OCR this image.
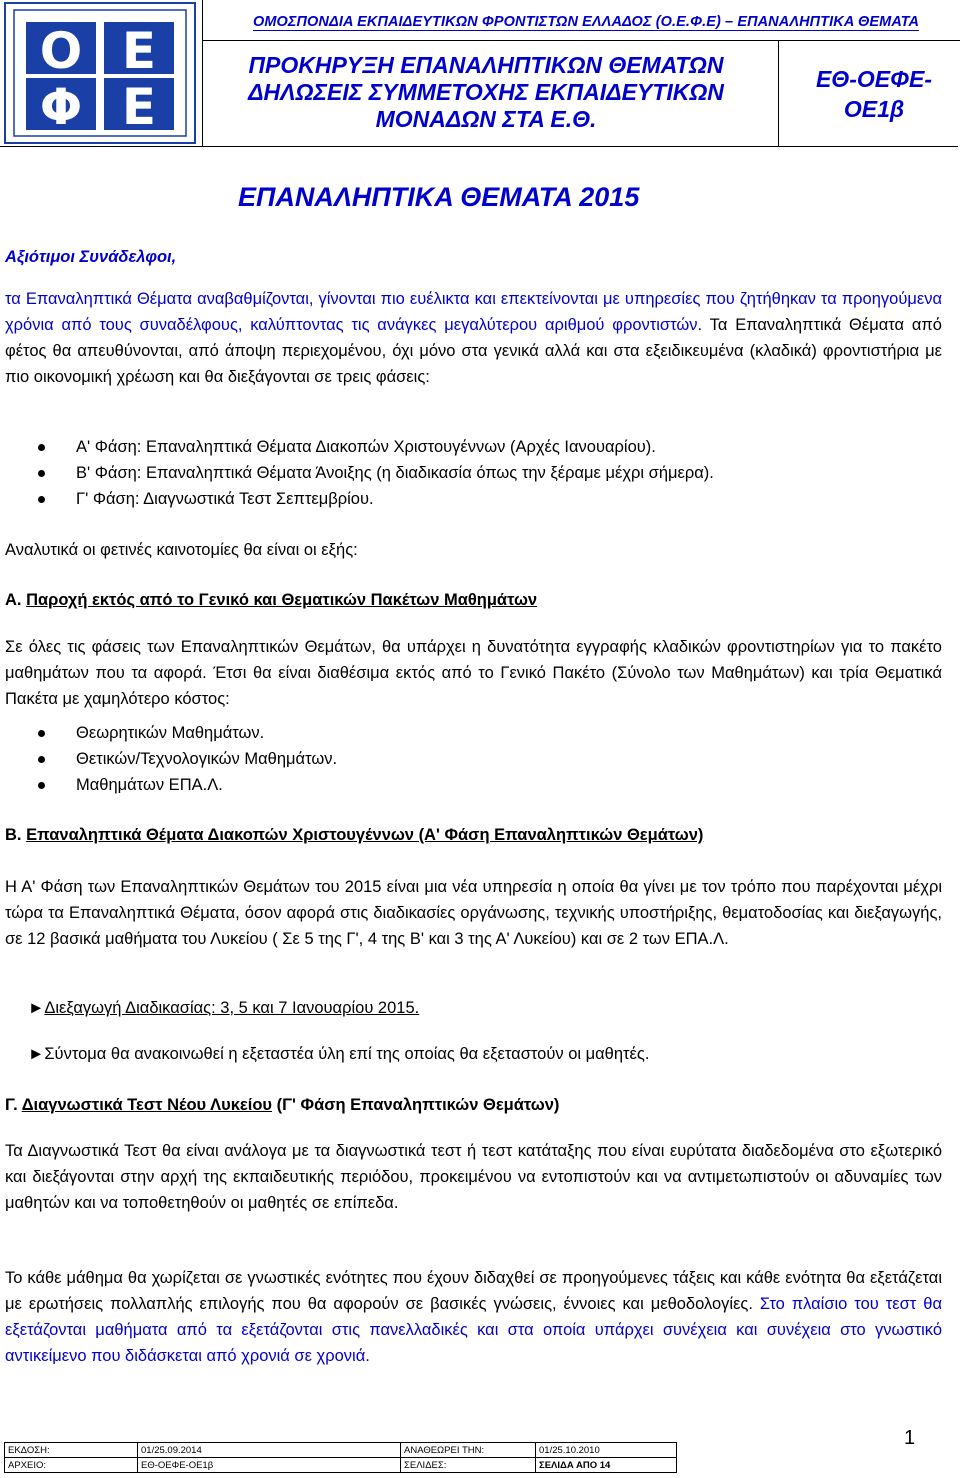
Ο Ε
Φ Ε
ΟΜΟΣΠΟΝΔΙΑ ΕΚΠΑΙΔΕΥΤΙΚΩΝ ΦΡΟΝΤΙΣΤΩΝ ΕΛΛΑΔΟΣ (Ο.Ε.Φ.Ε) – ΕΠΑΝΑΛΗΠΤΙΚΑ ΘΕΜΑΤΑ
ΠΡΟΚΗΡΥΞΗ ΕΠΑΝΑΛΗΠΤΙΚΩΝ ΘΕΜΑΤΩΝ
ΔΗΛΩΣΕΙΣ ΣΥΜΜΕΤΟΧΗΣ ΕΚΠΑΙΔΕΥΤΙΚΩΝ
ΜΟΝΑΔΩΝ ΣΤΑ Ε.Θ.
ΕΘ-ΟΕΦΕ-
ΟΕ1β
ΕΠΑΝΑΛΗΠΤΙΚΑ ΘΕΜΑΤΑ 2015
Αξιότιμοι Συνάδελφοι,
τα Επαναληπτικά Θέματα αναβαθμίζονται, γίνονται πιο ευέλικτα και επεκτείνονται με υπηρεσίες που ζητήθηκαν τα προηγούμενα χρόνια από τους συναδέλφους, καλύπτοντας τις ανάγκες μεγαλύτερου αριθμού φροντιστών. Τα Επαναληπτικά Θέματα από φέτος θα απευθύνονται, από άποψη περιεχομένου, όχι μόνο στα γενικά αλλά και στα εξειδικευμένα (κλαδικά) φροντιστήρια με πιο οικονομική χρέωση και θα διεξάγονται σε τρεις φάσεις:
Α' Φάση: Επαναληπτικά Θέματα Διακοπών Χριστουγέννων (Αρχές Ιανουαρίου).
Β' Φάση: Επαναληπτικά Θέματα Άνοιξης (η διαδικασία όπως την ξέραμε μέχρι σήμερα).
Γ' Φάση: Διαγνωστικά Τεστ Σεπτεμβρίου.
Αναλυτικά οι φετινές καινοτομίες θα είναι οι εξής:
Α. Παροχή εκτός από το Γενικό και Θεματικών Πακέτων Μαθημάτων
Σε όλες τις φάσεις των Επαναληπτικών Θεμάτων, θα υπάρχει η δυνατότητα εγγραφής κλαδικών φροντιστηρίων για το πακέτο μαθημάτων που τα αφορά. Έτσι θα είναι διαθέσιμα εκτός από το Γενικό Πακέτο (Σύνολο των Μαθημάτων) και τρία Θεματικά Πακέτα με χαμηλότερο κόστος:
Θεωρητικών Μαθημάτων.
Θετικών/Τεχνολογικών Μαθημάτων.
Μαθημάτων ΕΠΑ.Λ.
Β. Επαναληπτικά Θέματα Διακοπών Χριστουγέννων (Α' Φάση Επαναληπτικών Θεμάτων)
Η Α' Φάση των Επαναληπτικών Θεμάτων του 2015 είναι μια νέα υπηρεσία η οποία θα γίνει με τον τρόπο που παρέχονται μέχρι τώρα τα Επαναληπτικά Θέματα, όσον αφορά στις διαδικασίες οργάνωσης, τεχνικής υποστήριξης, θεματοδοσίας και διεξαγωγής, σε 12 βασικά μαθήματα του Λυκείου ( Σε 5 της Γ', 4 της Β' και 3 της Α' Λυκείου) και σε 2 των ΕΠΑ.Λ.
►Διεξαγωγή Διαδικασίας: 3, 5 και 7 Ιανουαρίου 2015.
►Σύντομα θα ανακοινωθεί η εξεταστέα ύλη επί της οποίας θα εξεταστούν οι μαθητές.
Γ. Διαγνωστικά Τεστ Νέου Λυκείου (Γ' Φάση Επαναληπτικών Θεμάτων)
Τα Διαγνωστικά Τεστ θα είναι ανάλογα με τα διαγνωστικά τεστ ή τεστ κατάταξης που είναι ευρύτατα διαδεδομένα στο εξωτερικό και διεξάγονται στην αρχή της εκπαιδευτικής περιόδου, προκειμένου να εντοπιστούν και να αντιμετωπιστούν οι αδυναμίες των μαθητών και να τοποθετηθούν οι μαθητές σε επίπεδα.
Το κάθε μάθημα θα χωρίζεται σε γνωστικές ενότητες που έχουν διδαχθεί σε προηγούμενες τάξεις και κάθε ενότητα θα εξετάζεται με ερωτήσεις πολλαπλής επιλογής που θα αφορούν σε βασικές γνώσεις, έννοιες και μεθοδολογίες. Στο πλαίσιο του τεστ θα εξετάζονται μαθήματα από τα εξετάζονται στις πανελλαδικές και στα οποία υπάρχει συνέχεια και συνέχεια στο γνωστικό αντικείμενο που διδάσκεται από χρονιά σε χρονιά.
1
ΕΚΔΟΣΗ:	01/25.09.2014	ΑΝΑΘΕΩΡΕΙ ΤΗΝ:	01/25.10.2010
ΑΡΧΕΙΟ:	ΕΘ-ΟΕΦΕ-ΟΕ1β	ΣΕΛΙΔΕΣ:	ΣΕΛΙΔΑ ΑΠΟ 14
